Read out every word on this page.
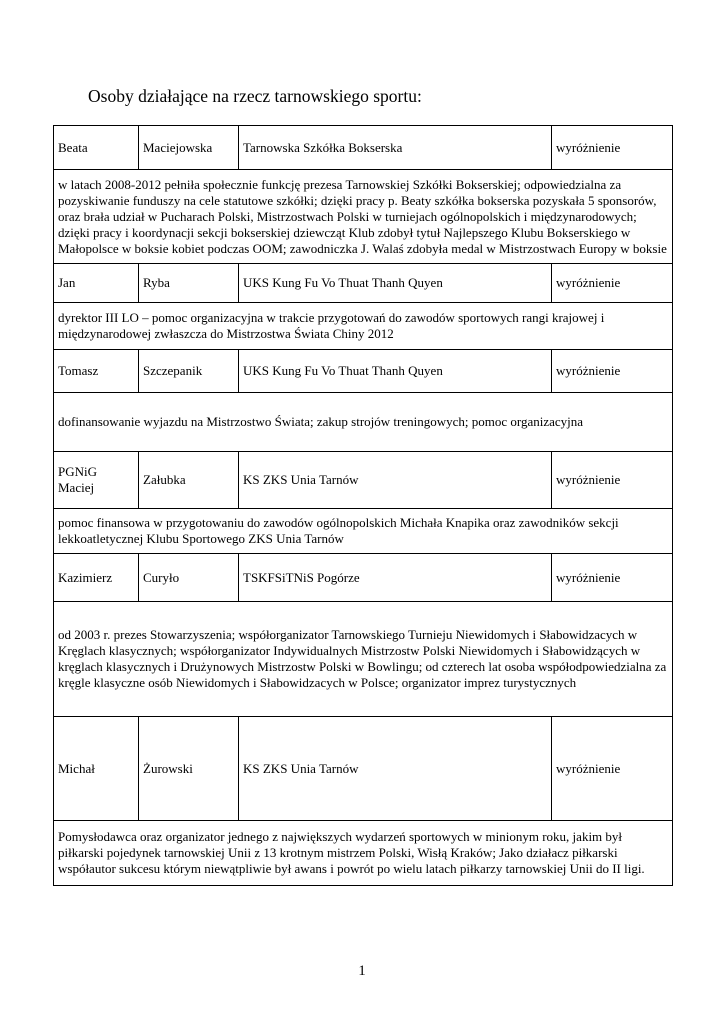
Osoby działające na rzecz tarnowskiego sportu:
Beata	Maciejowska	Tarnowska Szkółka Bokserska	wyróżnienie
w latach 2008-2012 pełniła społecznie funkcję prezesa Tarnowskiej Szkółki Bokserskiej; odpowiedzialna za pozyskiwanie funduszy na cele statutowe szkółki; dzięki pracy p. Beaty szkółka bokserska pozyskała 5 sponsorów, oraz brała udział w Pucharach Polski, Mistrzostwach Polski w turniejach ogólnopolskich i międzynarodowych; dzięki pracy i koordynacji sekcji bokserskiej dziewcząt Klub zdobył tytuł Najlepszego Klubu Bokserskiego w Małopolsce w boksie kobiet podczas OOM; zawodniczka J. Walaś zdobyła medal w Mistrzostwach Europy w boksie			
Jan	Ryba	UKS Kung Fu Vo Thuat Thanh Quyen	wyróżnienie
dyrektor III LO – pomoc organizacyjna w trakcie przygotowań do zawodów sportowych rangi krajowej i międzynarodowej zwłaszcza do Mistrzostwa Świata Chiny 2012			
Tomasz	Szczepanik	UKS Kung Fu Vo Thuat Thanh Quyen	wyróżnienie
dofinansowanie wyjazdu na Mistrzostwo Świata; zakup strojów treningowych; pomoc organizacyjna			
PGNiG Maciej	Załubka	KS ZKS Unia Tarnów	wyróżnienie
pomoc finansowa w przygotowaniu do zawodów ogólnopolskich Michała Knapika oraz zawodników sekcji lekkoatletycznej Klubu Sportowego ZKS Unia Tarnów			
Kazimierz	Curyło	TSKFSiTNiS Pogórze	wyróżnienie
od 2003 r. prezes Stowarzyszenia; współorganizator Tarnowskiego Turnieju Niewidomych i Słabowidzacych w Kręglach klasycznych; współorganizator Indywidualnych Mistrzostw Polski Niewidomych i Słabowidzących w kręglach klasycznych i Drużynowych Mistrzostw Polski w Bowlingu; od czterech lat osoba współodpowiedzialna za kręgle klasyczne osób Niewidomych i Słabowidzacych w Polsce; organizator imprez turystycznych			
Michał	Żurowski	KS ZKS Unia Tarnów	wyróżnienie
Pomysłodawca oraz organizator jednego z największych wydarzeń sportowych w minionym roku, jakim był piłkarski pojedynek tarnowskiej Unii z 13 krotnym mistrzem Polski, Wisłą Kraków; Jako działacz piłkarski współautor sukcesu którym niewątpliwie był awans i powrót po wielu latach piłkarzy tarnowskiej Unii do II ligi.			
1
